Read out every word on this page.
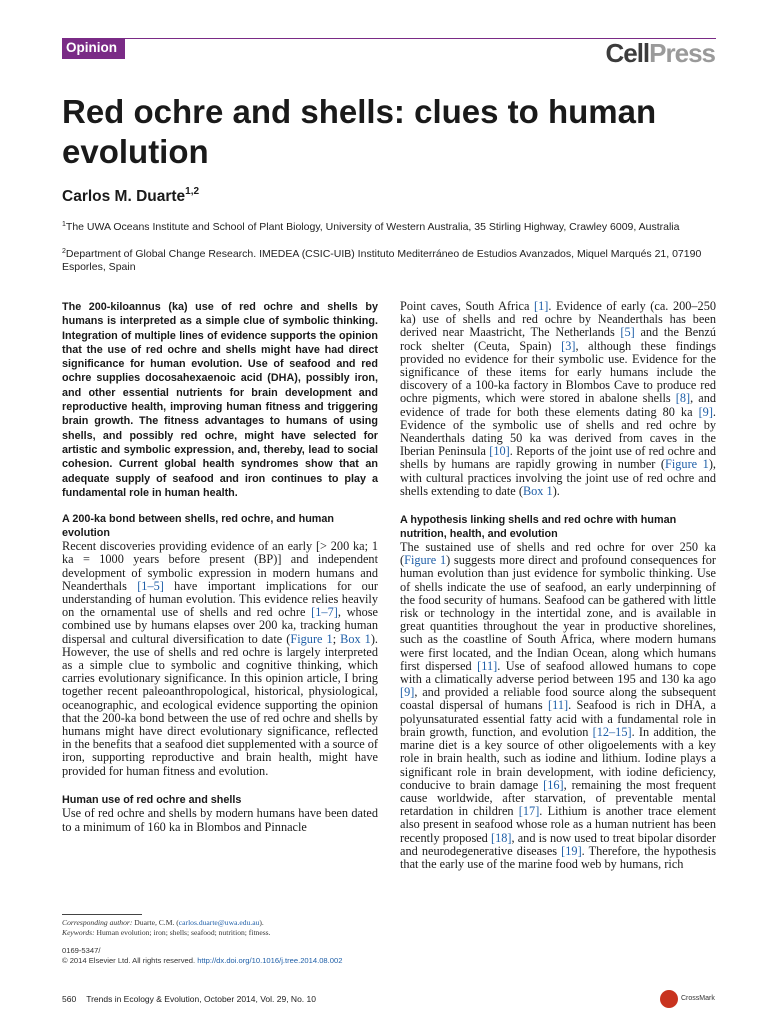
Opinion	CellPress
Red ochre and shells: clues to human evolution
Carlos M. Duarte$^{1,2}$
$^1$The UWA Oceans Institute and School of Plant Biology, University of Western Australia, 35 Stirling Highway, Crawley 6009, Australia
$^2$Department of Global Change Research. IMEDEA (CSIC-UIB) Instituto Mediterráneo de Estudios Avanzados, Miquel Marqués 21, 07190 Esporles, Spain

The 200-kiloannus (ka) use of red ochre and shells by humans is interpreted as a simple clue of symbolic thinking. Integration of multiple lines of evidence supports the opinion that the use of red ochre and shells might have had direct significance for human evolution. Use of seafood and red ochre supplies docosahexaenoic acid (DHA), possibly iron, and other essential nutrients for brain development and reproductive health, improving human fitness and triggering brain growth. The fitness advantages to humans of using shells, and possibly red ochre, might have selected for artistic and symbolic expression, and, thereby, lead to social cohesion. Current global health syndromes show that an adequate supply of seafood and iron continues to play a fundamental role in human health.

A 200-ka bond between shells, red ochre, and human evolution

Recent discoveries providing evidence of an early [> 200 ka; 1 ka = 1000 years before present (BP)] and independent development of symbolic expression in modern humans and Neanderthals [1–5] have important implications for our understanding of human evolution. This evidence relies heavily on the ornamental use of shells and red ochre [1–7], whose combined use by humans elapses over 200 ka, tracking human dispersal and cultural diversification to date (Figure 1; Box 1). However, the use of shells and red ochre is largely interpreted as a simple clue to symbolic and cognitive thinking, which carries evolutionary significance. In this opinion article, I bring together recent paleoanthropological, historical, physiological, oceanographic, and ecological evidence supporting the opinion that the 200-ka bond between the use of red ochre and shells by humans might have direct evolutionary significance, reflected in the benefits that a seafood diet supplemented with a source of iron, supporting reproductive and brain health, might have provided for human fitness and evolution.

Human use of red ochre and shells

Use of red ochre and shells by modern humans have been dated to a minimum of 160 ka in Blombos and Pinnacle

Point caves, South Africa [1]. Evidence of early (ca. 200–250 ka) use of shells and red ochre by Neanderthals has been derived near Maastricht, The Netherlands [5] and the Benzú rock shelter (Ceuta, Spain) [3], although these findings provided no evidence for their symbolic use. Evidence for the significance of these items for early humans include the discovery of a 100-ka factory in Blombos Cave to produce red ochre pigments, which were stored in abalone shells [8], and evidence of trade for both these elements dating 80 ka [9]. Evidence of the symbolic use of shells and red ochre by Neanderthals dating 50 ka was derived from caves in the Iberian Peninsula [10]. Reports of the joint use of red ochre and shells by humans are rapidly growing in number (Figure 1), with cultural practices involving the joint use of red ochre and shells extending to date (Box 1).

A hypothesis linking shells and red ochre with human nutrition, health, and evolution

The sustained use of shells and red ochre for over 250 ka (Figure 1) suggests more direct and profound consequences for human evolution than just evidence for symbolic thinking. Use of shells indicate the use of seafood, an early underpinning of the food security of humans. Seafood can be gathered with little risk or technology in the intertidal zone, and is available in great quantities throughout the year in productive shorelines, such as the coastline of South Africa, where modern humans were first located, and the Indian Ocean, along which humans first dispersed [11]. Use of seafood allowed humans to cope with a climatically adverse period between 195 and 130 ka ago [9], and provided a reliable food source along the subsequent coastal dispersal of humans [11]. Seafood is rich in DHA, a polyunsaturated essential fatty acid with a fundamental role in brain growth, function, and evolution [12–15]. In addition, the marine diet is a key source of other oligoelements with a key role in brain health, such as iodine and lithium. Iodine plays a significant role in brain development, with iodine deficiency, conducive to brain damage [16], remaining the most frequent cause worldwide, after starvation, of preventable mental retardation in children [17]. Lithium is another trace element also present in seafood whose role as a human nutrient has been recently proposed [18], and is now used to treat bipolar disorder and neurodegenerative diseases [19]. Therefore, the hypothesis that the early use of the marine food web by humans, rich

Corresponding author: Duarte, C.M. (carlos.duarte@uwa.edu.au).
Keywords: Human evolution; iron; shells; seafood; nutrition; fitness.
0169-5347/
© 2014 Elsevier Ltd. All rights reserved. http://dx.doi.org/10.1016/j.tree.2014.08.002
560 Trends in Ecology & Evolution, October 2014, Vol. 29, No. 10	CrossMark
